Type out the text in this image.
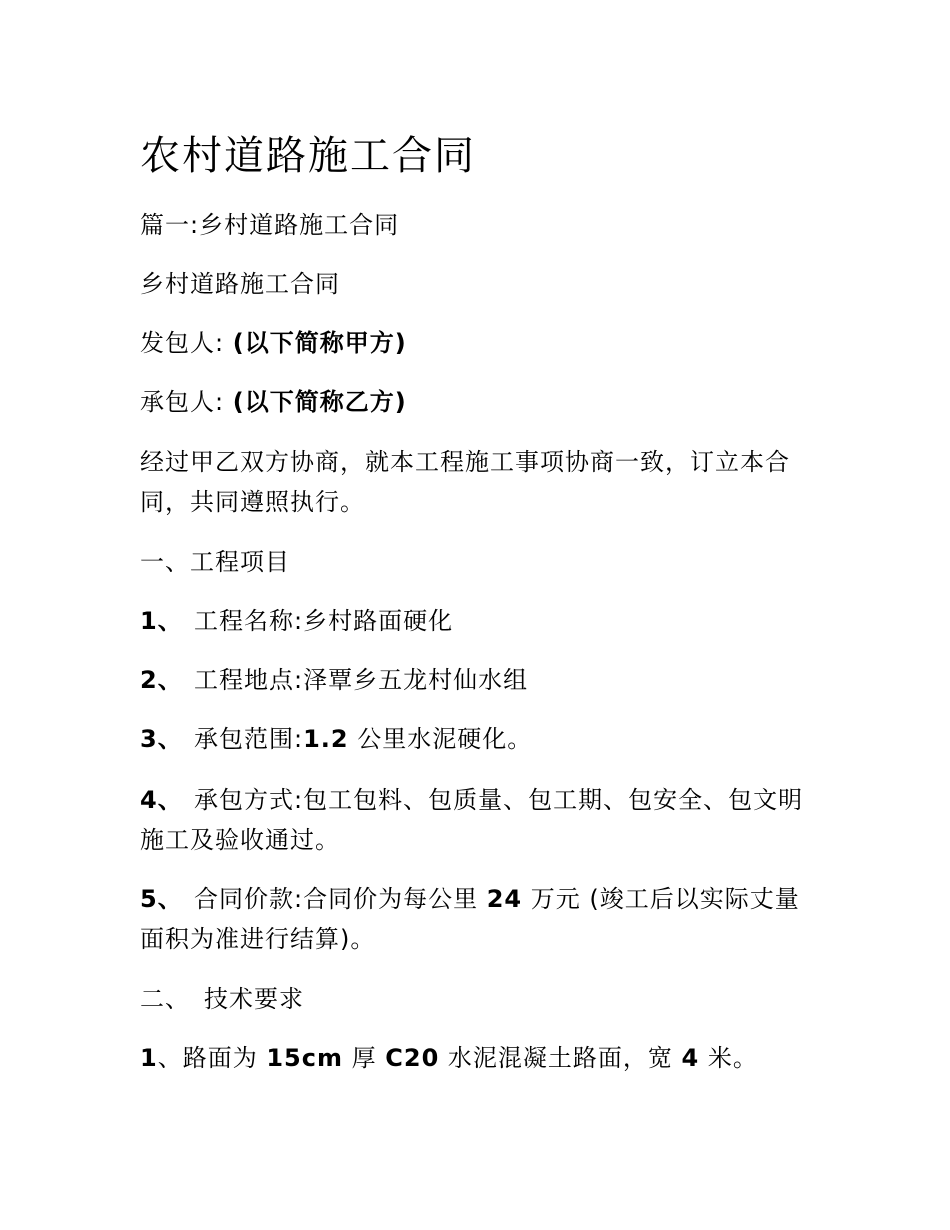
农村道路施工合同
篇一:乡村道路施工合同
乡村道路施工合同
发包人: (以下简称甲方)
承包人: (以下简称乙方)
经过甲乙双方协商，就本工程施工事项协商一致，订立本合同，共同遵照执行。
一、工程项目
1、 工程名称:乡村路面硬化
2、 工程地点:泽覃乡五龙村仙水组
3、 承包范围:1.2 公里水泥硬化。
4、 承包方式:包工包料、包质量、包工期、包安全、包文明施工及验收通过。
5、 合同价款:合同价为每公里 24 万元 (竣工后以实际丈量面积为准进行结算)。
二、 技术要求
1、路面为 15cm 厚 C20 水泥混凝土路面，宽 4 米。
